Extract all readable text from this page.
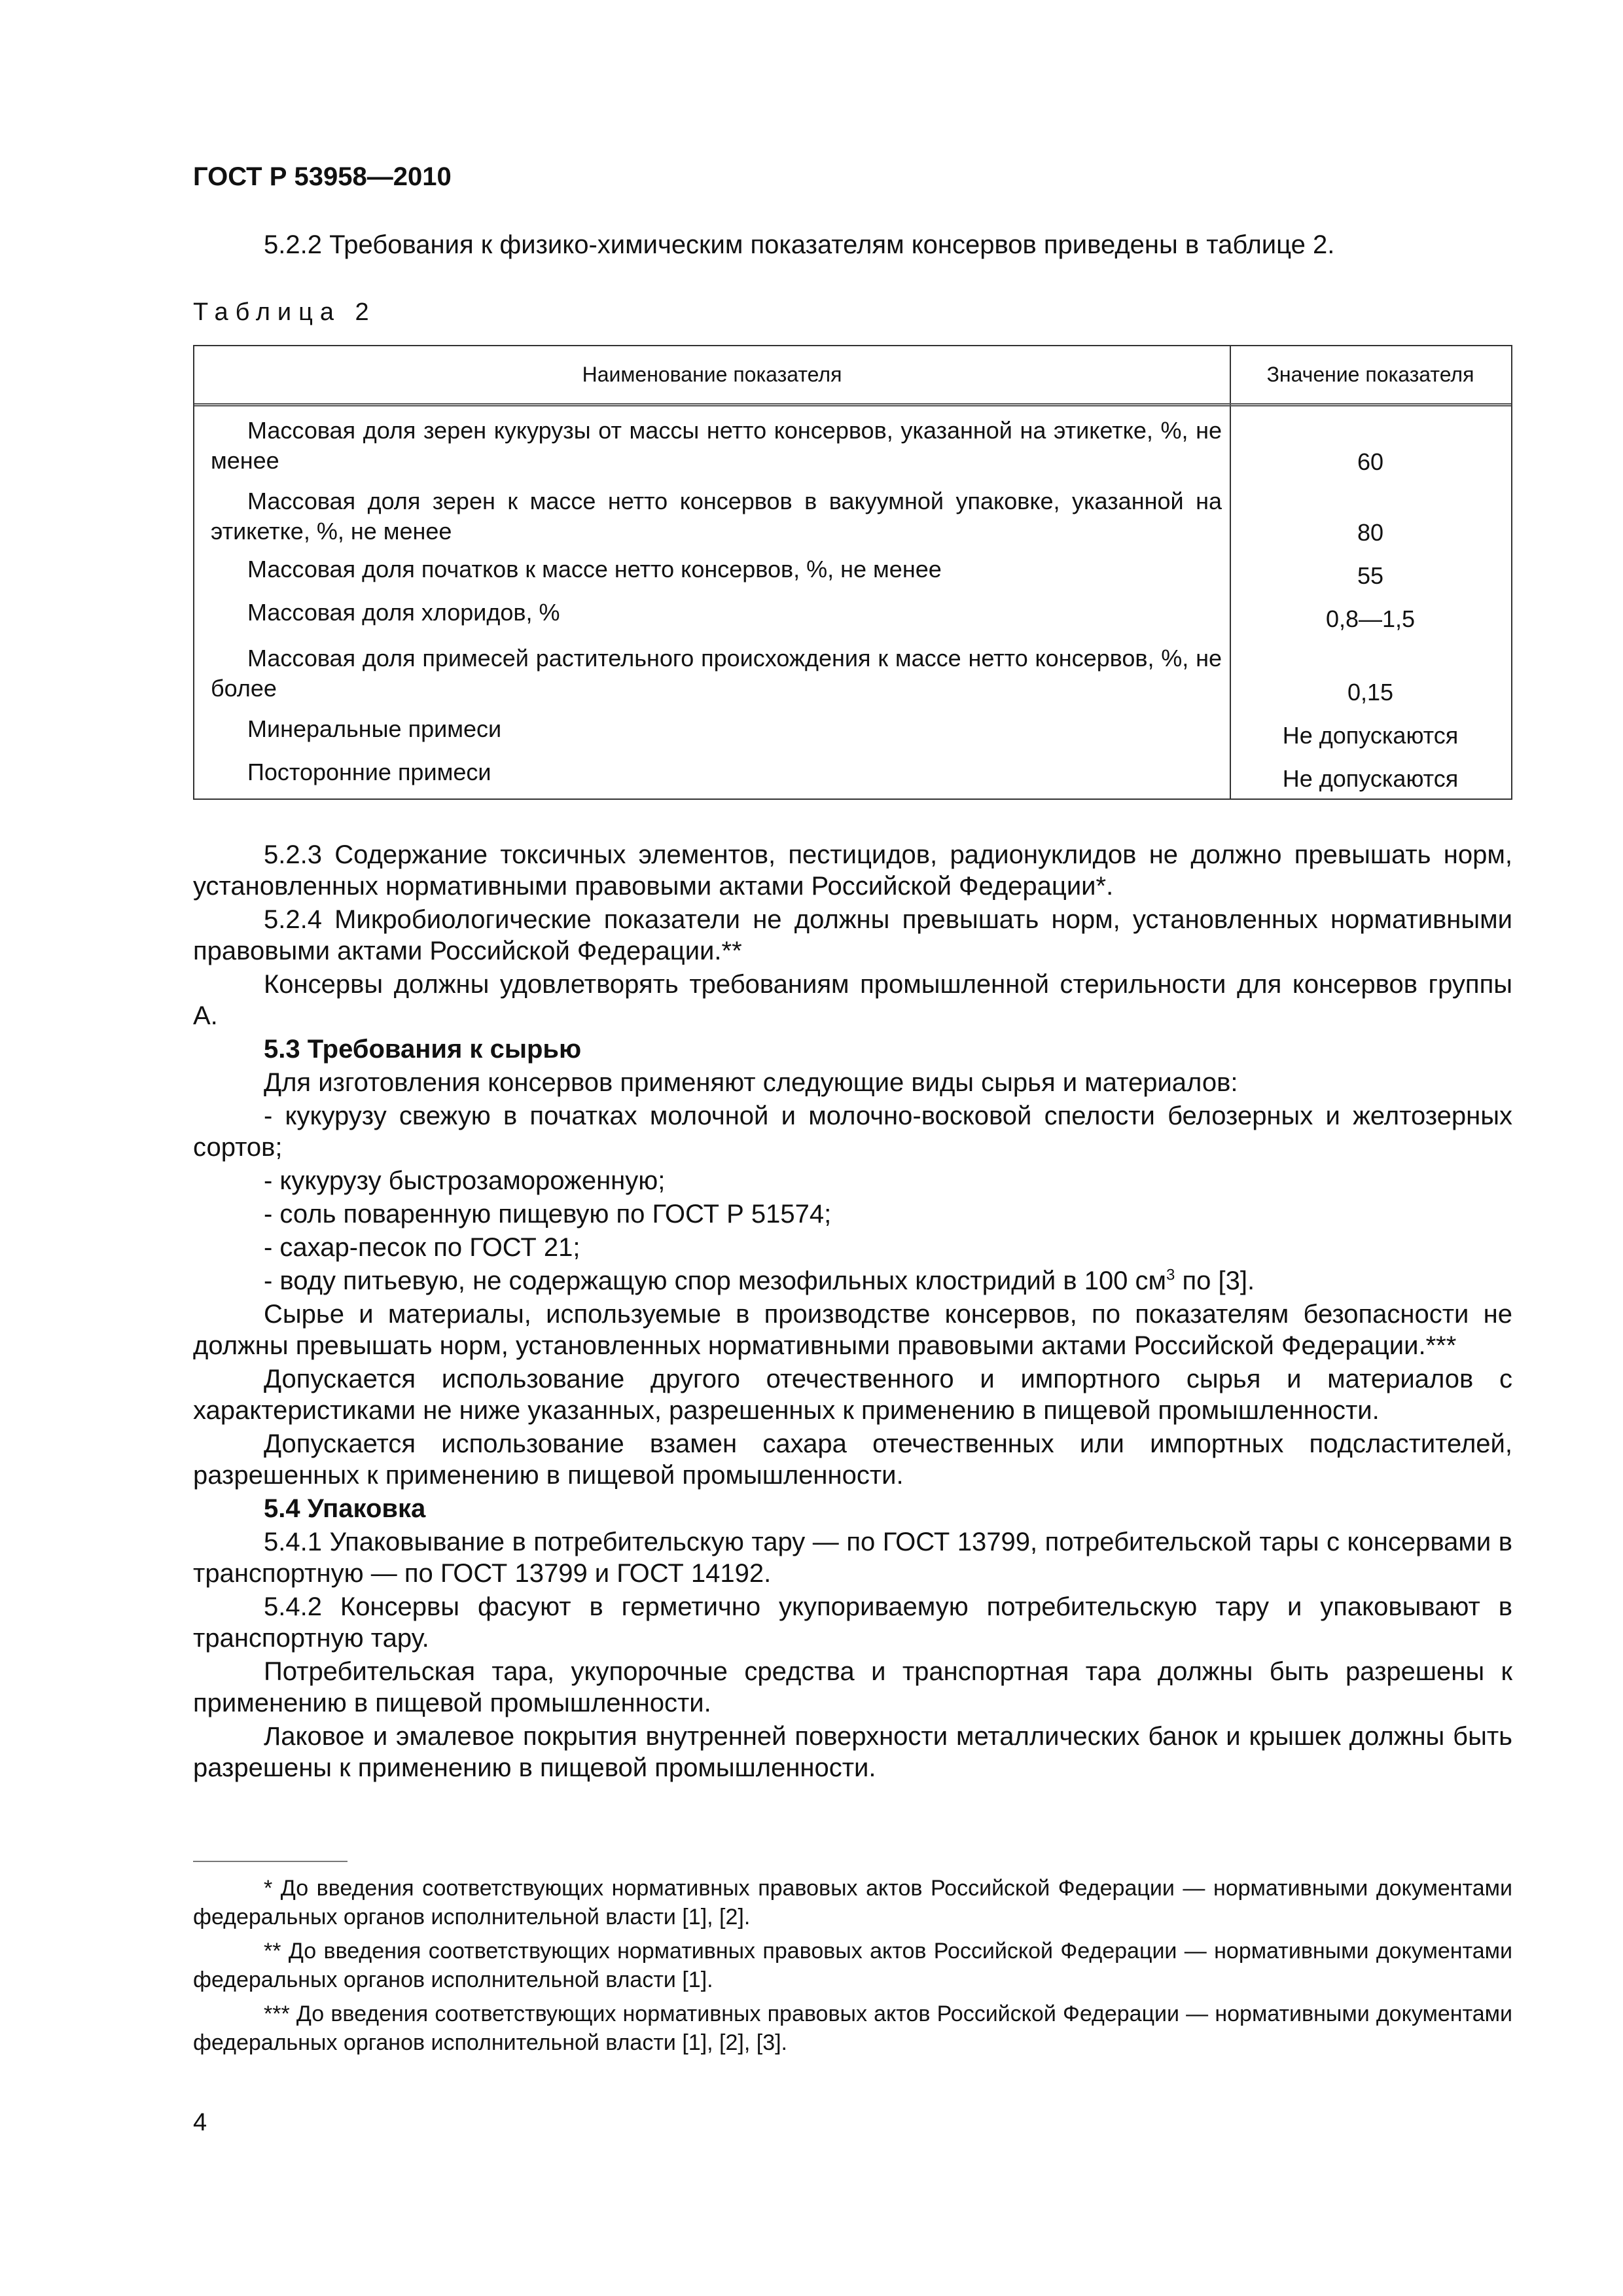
ГОСТ Р 53958—2010
5.2.2 Требования к физико-химическим показателям консервов приведены в таблице 2.
Таблица 2
Наименование показателя	Значение показателя
Массовая доля зерен кукурузы от массы нетто консервов, указанной на этикетке, %, не менее	60
Массовая доля зерен к массе нетто консервов в вакуумной упаковке, указанной на этикетке, %, не менее	80
Массовая доля початков к массе нетто консервов, %, не менее	55
Массовая доля хлоридов, %	0,8—1,5
Массовая доля примесей растительного происхождения к массе нетто консервов, %, не более	0,15
Минеральные примеси	Не допускаются
Посторонние примеси	Не допускаются

5.2.3 Содержание токсичных элементов, пестицидов, радионуклидов не должно превышать норм, установленных нормативными правовыми актами Российской Федерации*.

5.2.4 Микробиологические показатели не должны превышать норм, установленных нормативными правовыми актами Российской Федерации.**

Консервы должны удовлетворять требованиям промышленной стерильности для консервов группы А.

5.3 Требования к сырью

Для изготовления консервов применяют следующие виды сырья и материалов:

- кукурузу свежую в початках молочной и молочно-восковой спелости белозерных и желтозерных сортов;

- кукурузу быстрозамороженную;

- соль поваренную пищевую по ГОСТ Р 51574;

- сахар-песок по ГОСТ 21;

- воду питьевую, не содержащую спор мезофильных клостридий в 100 $см^3$ по [3].

Сырье и материалы, используемые в производстве консервов, по показателям безопасности не должны превышать норм, установленных нормативными правовыми актами Российской Федерации.***

Допускается использование другого отечественного и импортного сырья и материалов с характеристиками не ниже указанных, разрешенных к применению в пищевой промышленности.

Допускается использование взамен сахара отечественных или импортных подсластителей, разрешенных к применению в пищевой промышленности.

5.4 Упаковка

5.4.1 Упаковывание в потребительскую тару — по ГОСТ 13799, потребительской тары с консервами в транспортную — по ГОСТ 13799 и ГОСТ 14192.

5.4.2 Консервы фасуют в герметично укупориваемую потребительскую тару и упаковывают в транспортную тару.

Потребительская тара, укупорочные средства и транспортная тара должны быть разрешены к применению в пищевой промышленности.

Лаковое и эмалевое покрытия внутренней поверхности металлических банок и крышек должны быть разрешены к применению в пищевой промышленности.

* До введения соответствующих нормативных правовых актов Российской Федерации — нормативными документами федеральных органов исполнительной власти [1], [2].

** До введения соответствующих нормативных правовых актов Российской Федерации — нормативными документами федеральных органов исполнительной власти [1].

*** До введения соответствующих нормативных правовых актов Российской Федерации — нормативными документами федеральных органов исполнительной власти [1], [2], [3].

4
